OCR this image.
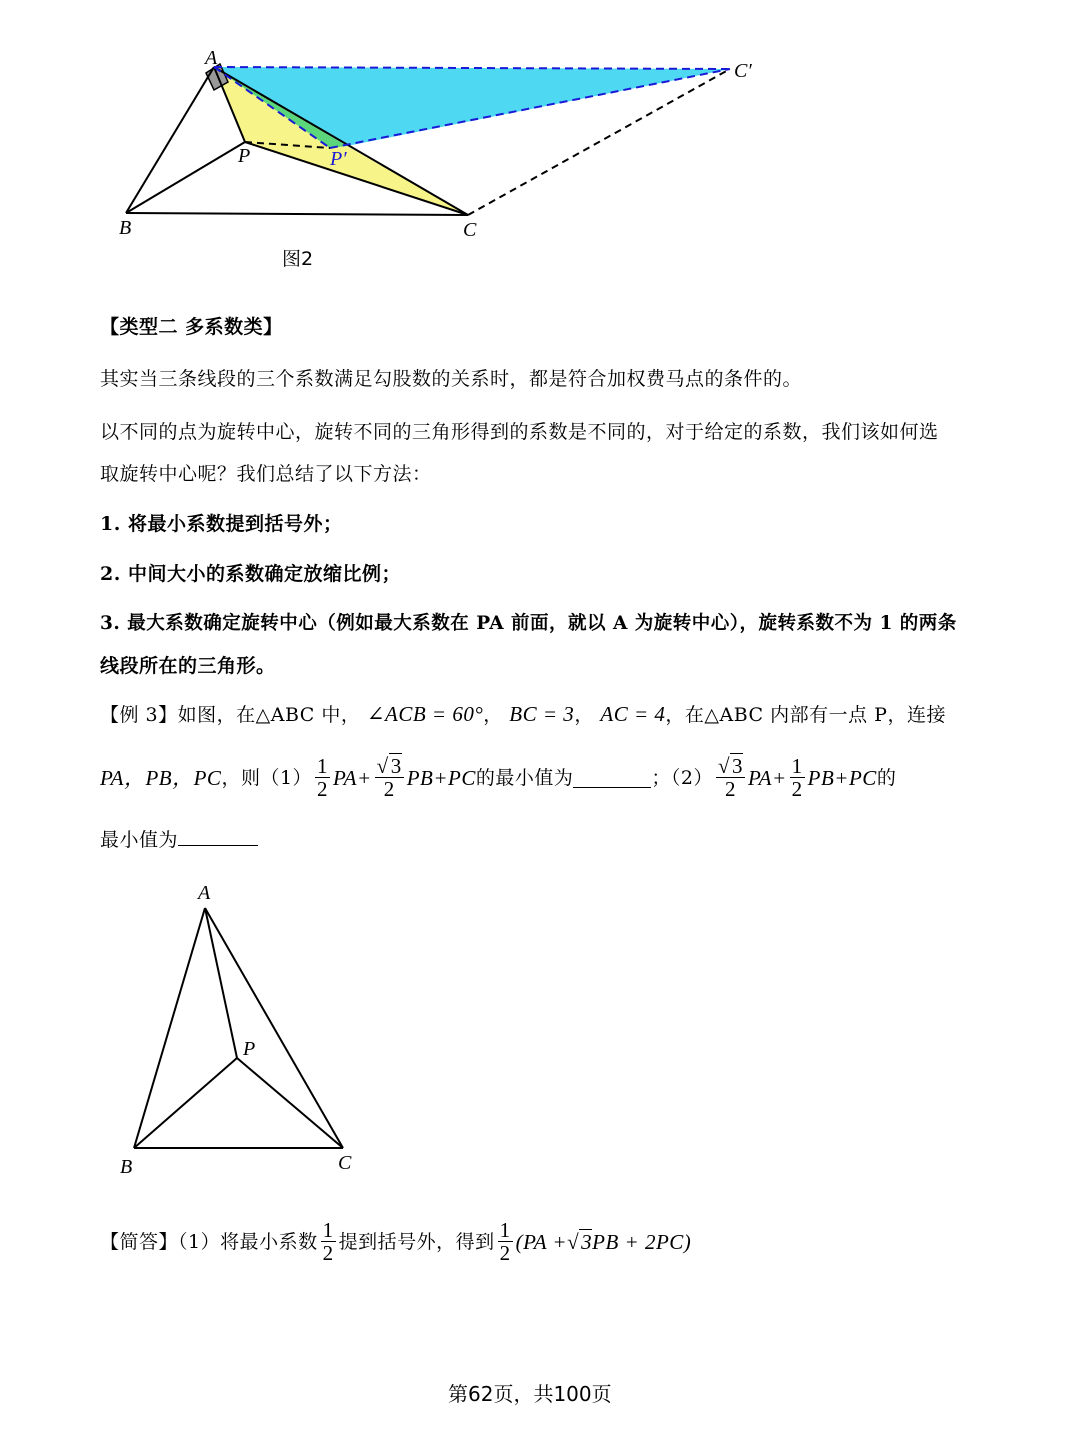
A
B	C
P	P′
C′
图2
【类型二 多系数类】
其实当三条线段的三个系数满足勾股数的关系时，都是符合加权费马点的条件的。
以不同的点为旋转中心，旋转不同的三角形得到的系数是不同的，对于给定的系数，我们该如何选
取旋转中心呢？我们总结了以下方法：
1. 将最小系数提到括号外；
2. 中间大小的系数确定放缩比例；
3. 最大系数确定旋转中心（例如最大系数在 PA 前面，就以 A 为旋转中心），旋转系数不为 1 的两条
线段所在的三角形。
【例 3】如图，在△ABC 中， ∠ACB = 60°， BC = 3， AC = 4，在△ABC 内部有一点 P，连接
PA，PB，PC ，则$(1) \frac{1}{2}$ PA + $\frac{√3}{2}$ PB + PC 的最小值为	；$(2) \frac{√3}{2}$ PA + $\frac{1}{2}$ PB + PC 的
最小值为
A
B	C
P
【简答】（1）将最小系数 $\frac{1}{2}$ 提到括号外，得到 $\frac{1}{2} (PA + √3$ PB + 2PC)
第62页，共100页
